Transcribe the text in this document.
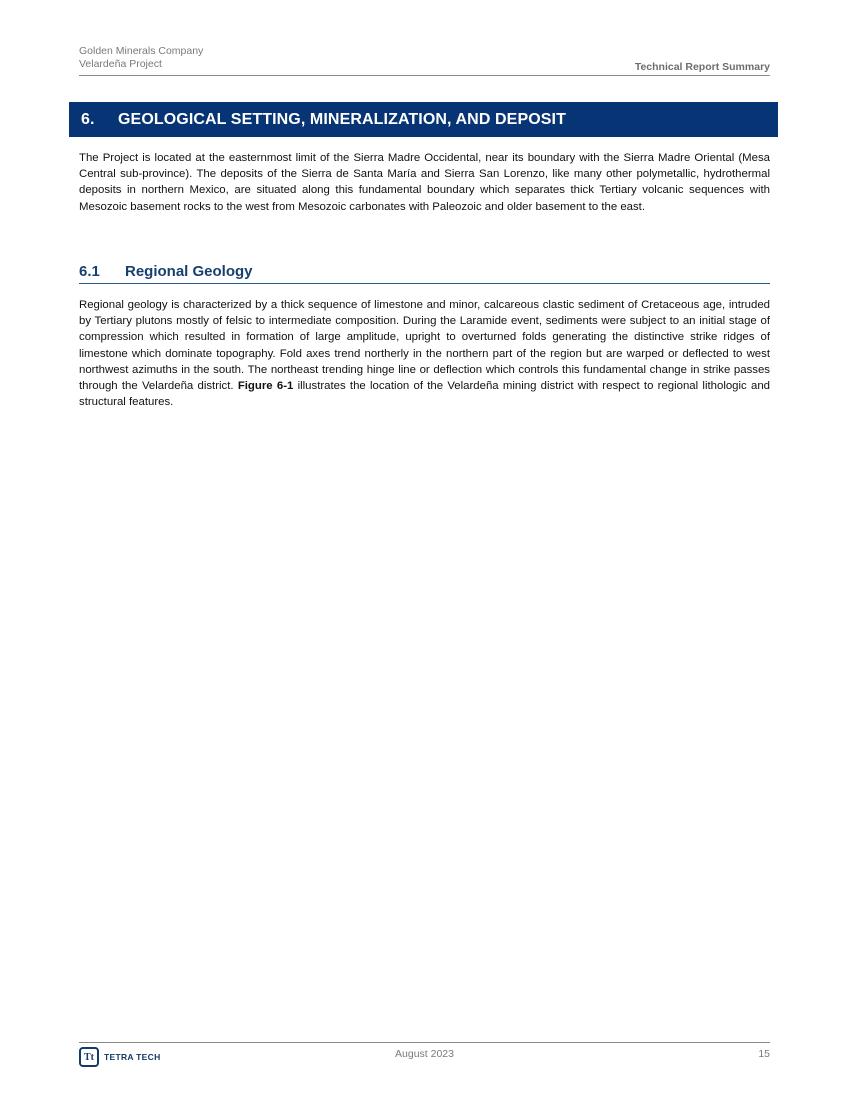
Golden Minerals Company
Velardeña Project	Technical Report Summary
6.	GEOLOGICAL SETTING, MINERALIZATION, AND DEPOSIT
The Project is located at the easternmost limit of the Sierra Madre Occidental, near its boundary with the Sierra Madre Oriental (Mesa Central sub-province). The deposits of the Sierra de Santa María and Sierra San Lorenzo, like many other polymetallic, hydrothermal deposits in northern Mexico, are situated along this fundamental boundary which separates thick Tertiary volcanic sequences with Mesozoic basement rocks to the west from Mesozoic carbonates with Paleozoic and older basement to the east.
6.1	Regional Geology
Regional geology is characterized by a thick sequence of limestone and minor, calcareous clastic sediment of Cretaceous age, intruded by Tertiary plutons mostly of felsic to intermediate composition. During the Laramide event, sediments were subject to an initial stage of compression which resulted in formation of large amplitude, upright to overturned folds generating the distinctive strike ridges of limestone which dominate topography. Fold axes trend northerly in the northern part of the region but are warped or deflected to west northwest azimuths in the south. The northeast trending hinge line or deflection which controls this fundamental change in strike passes through the Velardeña district. Figure 6-1 illustrates the location of the Velardeña mining district with respect to regional lithologic and structural features.
Tt	TETRA TECH	August 2023	15
